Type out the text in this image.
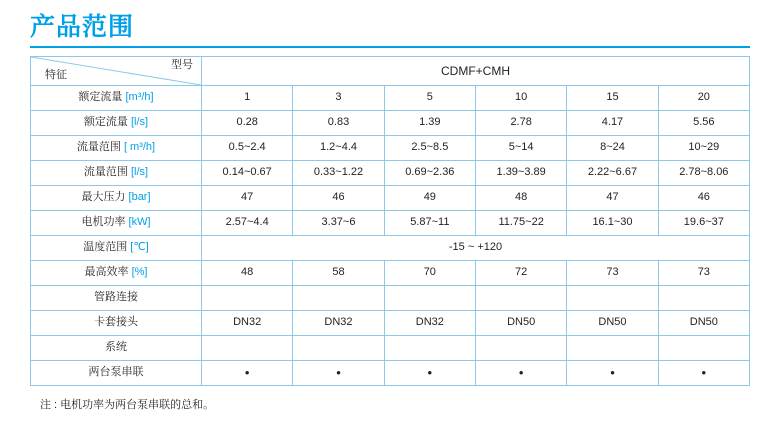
产品范围
型号
特征	CDMF+CMH					
额定流量 [m³/h]	1	3	5	10	15	20
额定流量 [l/s]	0.28	0.83	1.39	2.78	4.17	5.56
流量范围 [ m³/h]	0.5~2.4	1.2~4.4	2.5~8.5	5~14	8~24	10~29
流量范围 [l/s]	0.14~0.67	0.33~1.22	0.69~2.36	1.39~3.89	2.22~6.67	2.78~8.06
最大压力 [bar]	47	46	49	48	47	46
电机功率 [kW]	2.57~4.4	3.37~6	5.87~11	11.75~22	16.1~30	19.6~37
温度范围 [℃]	-15 ~ +120					
最高效率 [%]	48	58	70	72	73	73
管路连接						
卡套接头	DN32	DN32	DN32	DN50	DN50	DN50
系统						
两台泵串联	•	•	•	•	•	•
注 : 电机功率为两台泵串联的总和。
